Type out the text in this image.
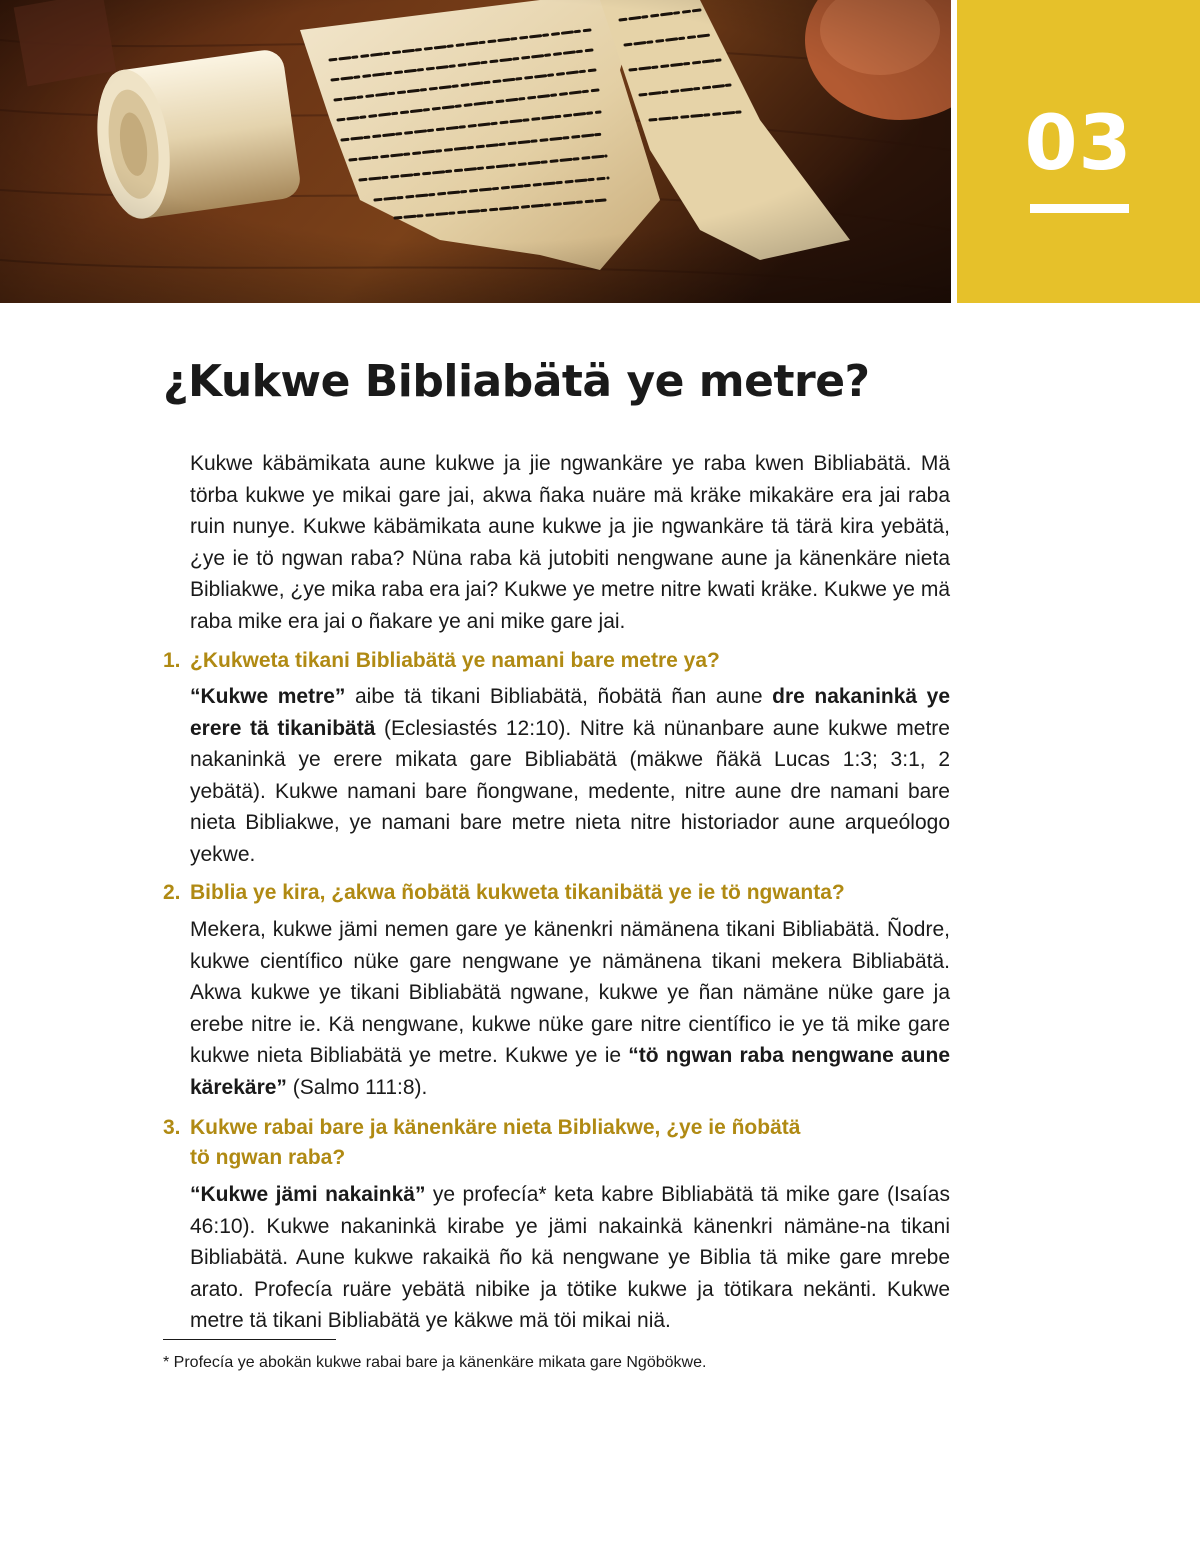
03
¿Kukwe Bibliabätä ye metre?

Kukwe käbämikata aune kukwe ja jie ngwankäre ye raba kwen Bibliabätä. Mä törba kukwe ye mikai gare jai, akwa ñaka nuäre mä kräke mikakäre era jai raba ruin nunye. Kukwe käbämikata aune kukwe ja jie ngwankäre tä tärä kira yebätä, ¿ye ie tö ngwan raba? Nüna raba kä jutobiti nengwane aune ja känenkäre nieta Bibliakwe, ¿ye mika raba era jai? Kukwe ye metre nitre kwati kräke. Kukwe ye mä raba mike era jai o ñakare ye ani mike gare jai.

1. ¿Kukweta tikani Bibliabätä ye namani bare metre ya?

“Kukwe metre” aibe tä tikani Bibliabätä, ñobätä ñan aune dre nakaninkä ye erere tä tikanibätä (Eclesiastés 12:10). Nitre kä nünanbare aune kukwe metre nakaninkä ye erere mikata gare Bibliabätä (mäkwe ñäkä Lucas 1:3; 3:1, 2 yebätä). Kukwe namani bare ñongwane, medente, nitre aune dre namani bare nieta Bibliakwe, ye namani bare metre nieta nitre historiador aune arqueólogo yekwe.

2. Biblia ye kira, ¿akwa ñobätä kukweta tikanibätä ye ie tö ngwanta?

Mekera, kukwe jämi nemen gare ye känenkri nämänena tikani Bibliabätä. Ñodre, kukwe científico nüke gare nengwane ye nämänena tikani mekera Bibliabätä. Akwa kukwe ye tikani Bibliabätä ngwane, kukwe ye ñan nämäne nüke gare ja erebe nitre ie. Kä nengwane, kukwe nüke gare nitre científico ie ye tä mike gare kukwe nieta Bibliabätä ye metre. Kukwe ye ie “tö ngwan raba nengwane aune kärekäre” (Salmo 111:8).

3. Kukwe rabai bare ja känenkäre nieta Bibliakwe, ¿ye ie ñobätä
tö ngwan raba?

“Kukwe jämi nakainkä” ye profecía* keta kabre Bibliabätä tä mike gare (Isaías 46:10). Kukwe nakaninkä kirabe ye jämi nakainkä känenkri nämäne-na tikani Bibliabätä. Aune kukwe rakaikä ño kä nengwane ye Biblia tä mike gare mrebe arato. Profecía ruäre yebätä nibike ja tötike kukwe ja tötikara nekänti. Kukwe metre tä tikani Bibliabätä ye käkwe mä töi mikai niä.

* Profecía ye abokän kukwe rabai bare ja känenkäre mikata gare Ngöbökwe.
